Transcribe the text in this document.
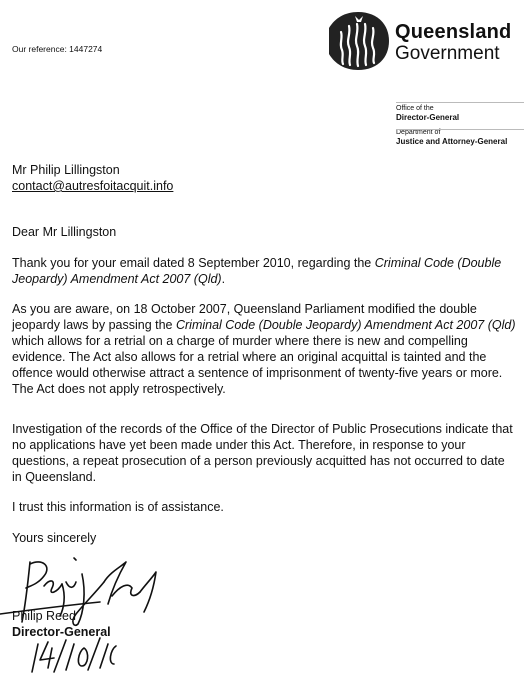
Our reference: 1447274
Queensland
Government
Office of the
Director-General
Department of
Justice and Attorney-General
Mr Philip Lillingston
contact@autresfoitacquit.info
Dear Mr Lillingston

Thank you for your email dated 8 September 2010, regarding the Criminal Code (Double Jeopardy) Amendment Act 2007 (Qld).

As you are aware, on 18 October 2007, Queensland Parliament modified the double jeopardy laws by passing the Criminal Code (Double Jeopardy) Amendment Act 2007 (Qld) which allows for a retrial on a charge of murder where there is new and compelling evidence. The Act also allows for a retrial where an original acquittal is tainted and the offence would otherwise attract a sentence of imprisonment of twenty-five years or more. The Act does not apply retrospectively.

Investigation of the records of the Office of the Director of Public Prosecutions indicate that no applications have yet been made under this Act. Therefore, in response to your questions, a repeat prosecution of a person previously acquitted has not occurred to date in Queensland.

I trust this information is of assistance.

Yours sincerely
Philip Reed
Director-General
